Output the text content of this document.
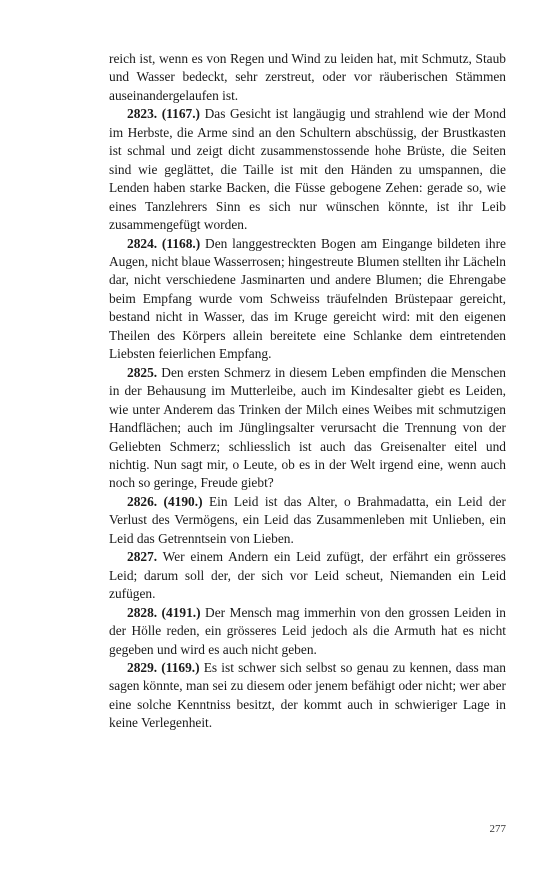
reich ist, wenn es von Regen und Wind zu leiden hat, mit Schmutz, Staub und Wasser bedeckt, sehr zerstreut, oder vor räuberischen Stämmen auseinandergelaufen ist.

2823. (1167.) Das Gesicht ist langäugig und strahlend wie der Mond im Herbste, die Arme sind an den Schultern abschüssig, der Brustkasten ist schmal und zeigt dicht zusammenstossende hohe Brüste, die Seiten sind wie geglättet, die Taille ist mit den Händen zu umspannen, die Lenden haben starke Backen, die Füsse gebogene Zehen: gerade so, wie eines Tanzlehrers Sinn es sich nur wünschen könnte, ist ihr Leib zusammengefügt worden.

2824. (1168.) Den langgestreckten Bogen am Eingange bildeten ihre Augen, nicht blaue Wasserrosen; hingestreute Blumen stellten ihr Lächeln dar, nicht verschiedene Jasminarten und andere Blumen; die Ehrengabe beim Empfang wurde vom Schweiss träufelnden Brüstepaar gereicht, bestand nicht in Wasser, das im Kruge gereicht wird: mit den eigenen Theilen des Körpers allein bereitete eine Schlanke dem eintretenden Liebsten feierlichen Empfang.

2825. Den ersten Schmerz in diesem Leben empfinden die Menschen in der Behausung im Mutterleibe, auch im Kindesalter giebt es Leiden, wie unter Anderem das Trinken der Milch eines Weibes mit schmutzigen Handflächen; auch im Jünglingsalter verursacht die Trennung von der Geliebten Schmerz; schliesslich ist auch das Greisenalter eitel und nichtig. Nun sagt mir, o Leute, ob es in der Welt irgend eine, wenn auch noch so geringe, Freude giebt?

2826. (4190.) Ein Leid ist das Alter, o Brahmadatta, ein Leid der Verlust des Vermögens, ein Leid das Zusammenleben mit Unlieben, ein Leid das Getrenntsein von Lieben.

2827. Wer einem Andern ein Leid zufügt, der erfährt ein grösseres Leid; darum soll der, der sich vor Leid scheut, Niemanden ein Leid zufügen.

2828. (4191.) Der Mensch mag immerhin von den grossen Leiden in der Hölle reden, ein grösseres Leid jedoch als die Armuth hat es nicht gegeben und wird es auch nicht geben.

2829. (1169.) Es ist schwer sich selbst so genau zu kennen, dass man sagen könnte, man sei zu diesem oder jenem befähigt oder nicht; wer aber eine solche Kenntniss besitzt, der kommt auch in schwieriger Lage in keine Verlegenheit.

277
